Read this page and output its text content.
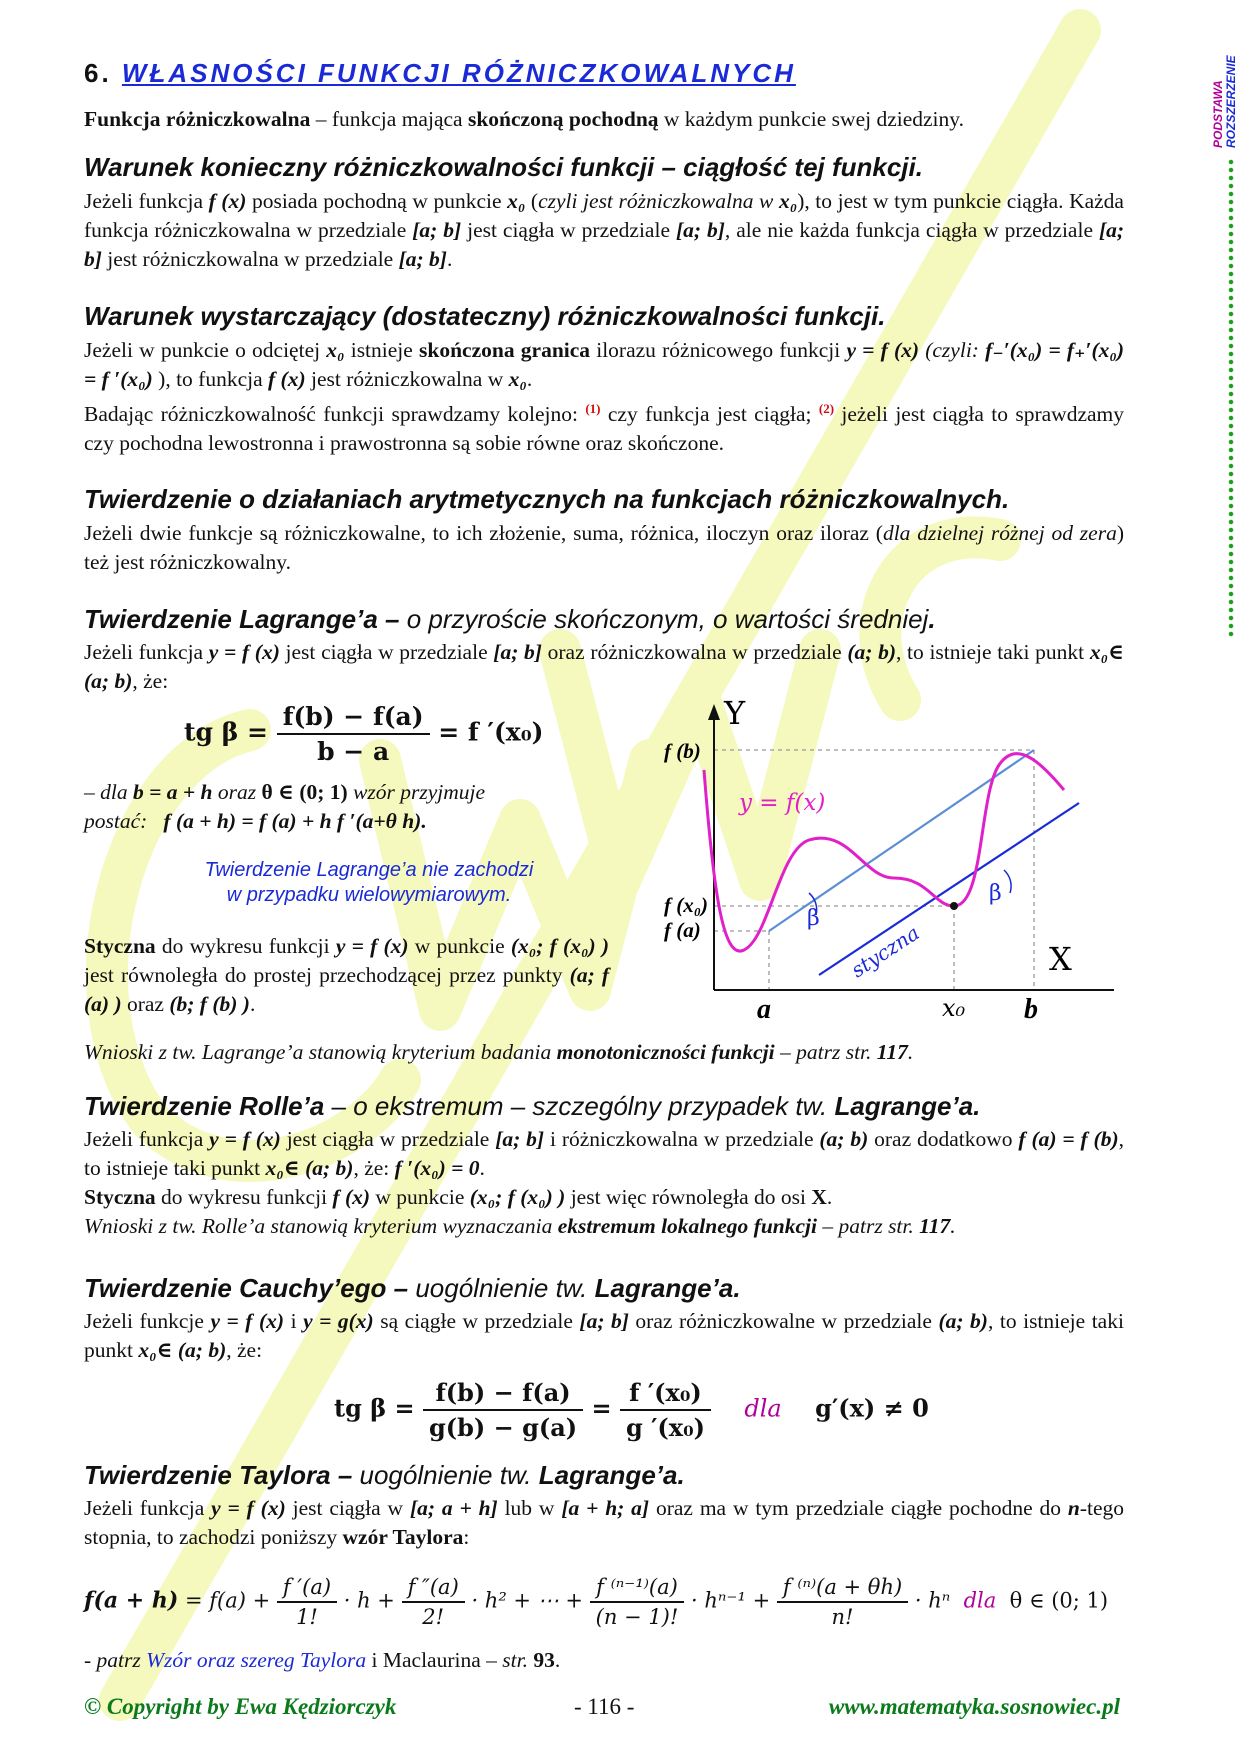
PODSTAWA ROZSZERZENIE
6. WŁASNOŚCI FUNKCJI RÓŻNICZKOWALNYCH

Funkcja różniczkowalna – funkcja mająca skończoną pochodną w każdym punkcie swej dziedziny.

Warunek konieczny różniczkowalności funkcji – ciągłość tej funkcji.

Jeżeli funkcja f (x) posiada pochodną w punkcie x₀ (czyli jest różniczkowalna w x₀), to jest w tym punkcie ciągła. Każda funkcja różniczkowalna w przedziale [a; b] jest ciągła w przedziale [a; b], ale nie każda funkcja ciągła w przedziale [a; b] jest różniczkowalna w przedziale [a; b].

Warunek wystarczający (dostateczny) różniczkowalności funkcji.

Jeżeli w punkcie o odciętej x₀ istnieje skończona granica ilorazu różnicowego funkcji y = f (x) (czyli: f₋′(x₀) = f₊′(x₀) = f ′(x₀) ), to funkcja f (x) jest różniczkowalna w x₀.
Badając różniczkowalność funkcji sprawdzamy kolejno: $^{(1)}$ czy funkcja jest ciągła; $^{(2)}$ jeżeli jest ciągła to sprawdzamy czy pochodna lewostronna i prawostronna są sobie równe oraz skończone.

Twierdzenie o działaniach arytmetycznych na funkcjach różniczkowalnych.

Jeżeli dwie funkcje są różniczkowalne, to ich złożenie, suma, różnica, iloczyn oraz iloraz (dla dzielnej różnej od zera) też jest różniczkowalny.

Twierdzenie Lagrange’a – o przyroście skończonym, o wartości średniej.

Jeżeli funkcja y = f (x) jest ciągła w przedziale [a; b] oraz różniczkowalna w przedziale (a; b), to istnieje taki punkt x₀∈ (a; b), że:

tg $\beta = \frac{f(b) - f(a)}{b - a} = f$ ′(x₀)

– dla b = a + h oraz θ ∈ (0; 1) wzór przyjmuje
postać: f (a + h) = f (a) + h f ′(a+θ h).

Twierdzenie Lagrange’a nie zachodzi
w przypadku wielowymiarowym.

Styczna do wykresu funkcji y = f (x) w punkcie (x₀; f (x₀) ) jest równoległa do prostej przechodzącej przez punkty (a; f (a) ) oraz (b; f (b) ).

Y
X
f (b)
f (x₀)
f (a)
y = f(x)
β
β
styczna
a	x₀ b

Wnioski z tw. Lagrange’a stanowią kryterium badania monotoniczności funkcji – patrz str. 117.

Twierdzenie Rolle’a – o ekstremum – szczególny przypadek tw. Lagrange’a.

Jeżeli funkcja y = f (x) jest ciągła w przedziale [a; b] i różniczkowalna w przedziale (a; b) oraz dodatkowo f (a) = f (b), to istnieje taki punkt x₀∈ (a; b), że: f ′(x₀) = 0.
Styczna do wykresu funkcji f (x) w punkcie (x₀; f (x₀) ) jest więc równoległa do osi X.
Wnioski z tw. Rolle’a stanowią kryterium wyznaczania ekstremum lokalnego funkcji – patrz str. 117.

Twierdzenie Cauchy’ego – uogólnienie tw. Lagrange’a.

Jeżeli funkcje y = f (x) i y = g(x) są ciągłe w przedziale [a; b] oraz różniczkowalne w przedziale (a; b), to istnieje taki punkt x₀∈ (a; b), że:

tg $\beta = \frac{f(b) - f(a)}{g(b) - g(a)} = \frac{\text{f ′(x₀)}}{\text{g ′(x₀)}}$ dla g′(x) ≠ 0
Twierdzenie Taylora – uogólnienie tw. Lagrange’a.

Jeżeli funkcja y = f (x) jest ciągła w [a; a + h] lub w [a + h; a] oraz ma w tym przedziale ciągłe pochodne do n-tego stopnia, to zachodzi poniższy wzór Taylora:

$f(a + h) = f(a) + \frac{f '(a)}{1!} \cdot h + \frac{f ''(a)}{2!} \cdot h^2$ + ⋯ + $\frac{\text{f ⁽ⁿ⁻¹⁾(a)}}{(n - 1)!} \cdot h^{n-1} + \frac{\text{f ⁽ⁿ⁾(a + θh)}}{n!} \cdot h^n$ dla θ ∈ (0; 1)

- patrz Wzór oraz szereg Taylora i Maclaurina – str. 93.

© Copyright by Ewa Kędziorczyk	- 116 -	www.matematyka.sosnowiec.pl
